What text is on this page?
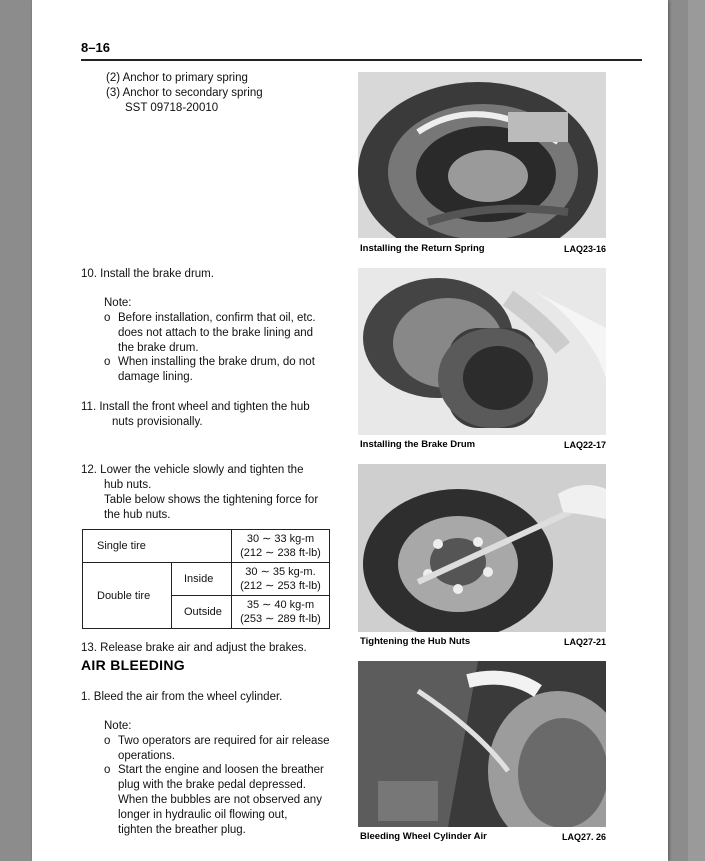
8–16
(2) Anchor to primary spring
(3) Anchor to secondary spring
SST 09718-20010
10. Install the brake drum.
Note:
o Before installation, confirm that oil, etc.
does not attach to the brake lining and
the brake drum.
o When installing the brake drum, do not
damage lining.
11. Install the front wheel and tighten the hub
nuts provisionally.
12. Lower the vehicle slowly and tighten the
hub nuts.
Table below shows the tightening force for
the hub nuts.
Single tire		30 ∼ 33 kg-m
(212 ∼ 238 ft-lb)

Double tire	Inside	30 ∼ 35 kg-m.
(212 ∼ 253 ft-lb)

	Outside	35 ∼ 40 kg-m
(253 ∼ 289 ft-lb)
13. Release brake air and adjust the brakes.
AIR BLEEDING
1. Bleed the air from the wheel cylinder.
Note:
o Two operators are required for air release
operations.
o Start the engine and loosen the breather
plug with the brake pedal depressed.
When the bubbles are not observed any
longer in hydraulic oil flowing out,
tighten the breather plug.
Installing the Return Spring	LAQ23-16
Installing the Brake Drum	LAQ22-17
Tightening the Hub Nuts	LAQ27-21
Bleeding Wheel Cylinder Air	LAQ27. 26
